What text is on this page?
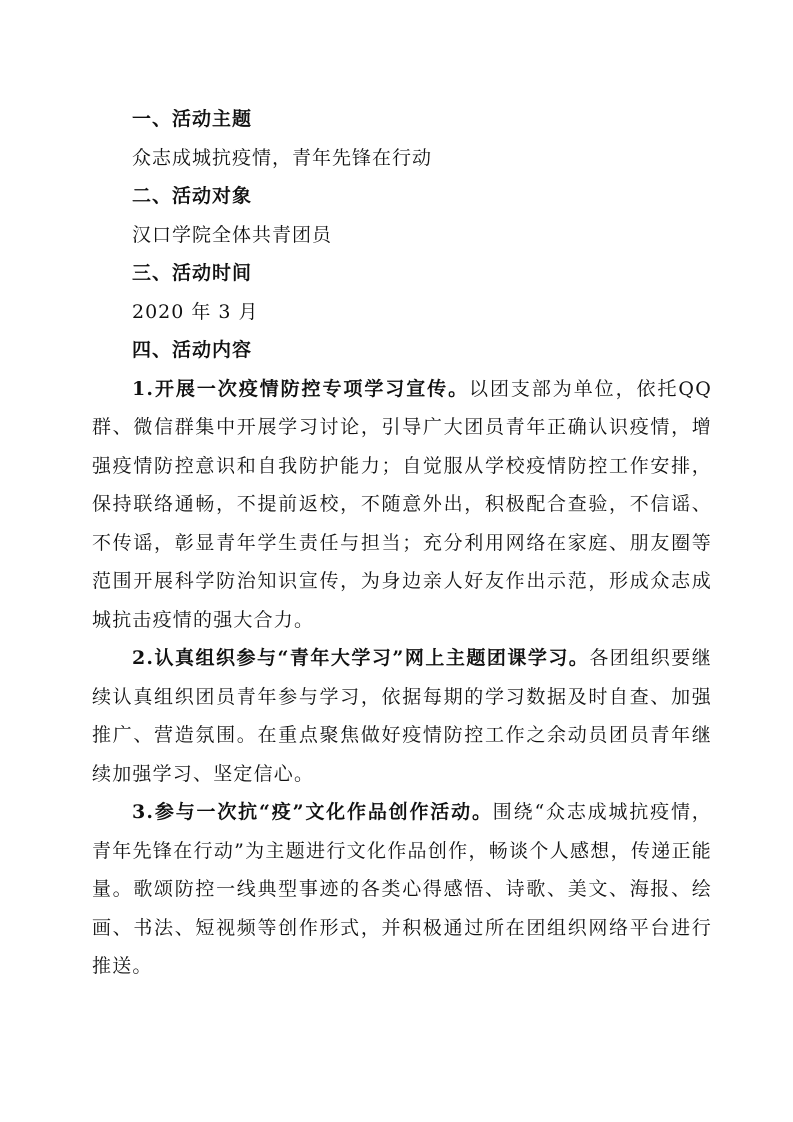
一、活动主题

众志成城抗疫情，青年先锋在行动

二、活动对象

汉口学院全体共青团员

三、活动时间

2020 年 3 月

四、活动内容

1.开展一次疫情防控专项学习宣传。以团支部为单位，依托QQ群、微信群集中开展学习讨论，引导广大团员青年正确认识疫情，增强疫情防控意识和自我防护能力；自觉服从学校疫情防控工作安排，保持联络通畅，不提前返校，不随意外出，积极配合查验，不信谣、不传谣，彰显青年学生责任与担当；充分利用网络在家庭、朋友圈等范围开展科学防治知识宣传，为身边亲人好友作出示范，形成众志成城抗击疫情的强大合力。

2.认真组织参与“青年大学习”网上主题团课学习。各团组织要继续认真组织团员青年参与学习，依据每期的学习数据及时自查、加强推广、营造氛围。在重点聚焦做好疫情防控工作之余动员团员青年继续加强学习、坚定信心。

3.参与一次抗“疫”文化作品创作活动。围绕“众志成城抗疫情，青年先锋在行动”为主题进行文化作品创作，畅谈个人感想，传递正能量。歌颂防控一线典型事迹的各类心得感悟、诗歌、美文、海报、绘画、书法、短视频等创作形式，并积极通过所在团组织网络平台进行推送。
